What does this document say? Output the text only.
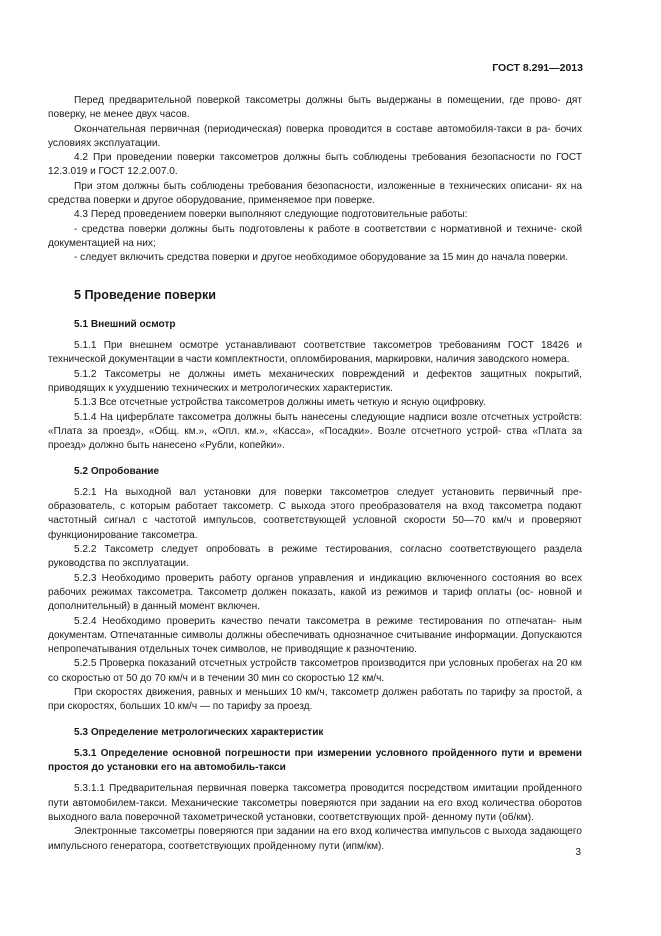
ГОСТ 8.291—2013

Перед предварительной поверкой таксометры должны быть выдержаны в помещении, где прово- дят поверку, не менее двух часов.

Окончательная первичная (периодическая) поверка проводится в составе автомобиля-такси в ра- бочих условиях эксплуатации.

4.2 При проведении поверки таксометров должны быть соблюдены требования безопасности по ГОСТ 12.3.019 и ГОСТ 12.2.007.0.

При этом должны быть соблюдены требования безопасности, изложенные в технических описани- ях на средства поверки и другое оборудование, применяемое при поверке.

4.3 Перед проведением поверки выполняют следующие подготовительные работы:

- средства поверки должны быть подготовлены к работе в соответствии с нормативной и техниче- ской документацией на них;

- следует включить средства поверки и другое необходимое оборудование за 15 мин до начала поверки.

5 Проведение поверки
5.1 Внешний осмотр

5.1.1 При внешнем осмотре устанавливают соответствие таксометров требованиям ГОСТ 18426 и технической документации в части комплектности, опломбирования, маркировки, наличия заводского номера.

5.1.2 Таксометры не должны иметь механических повреждений и дефектов защитных покрытий, приводящих к ухудшению технических и метрологических характеристик.

5.1.3 Все отсчетные устройства таксометров должны иметь четкую и ясную оцифровку.

5.1.4 На циферблате таксометра должны быть нанесены следующие надписи возле отсчетных устройств: «Плата за проезд», «Общ. км.», «Опл. км.», «Касса», «Посадки». Возле отсчетного устрой- ства «Плата за проезд» должно быть нанесено «Рубли, копейки».

5.2 Опробование

5.2.1 На выходной вал установки для поверки таксометров следует установить первичный пре- образователь, с которым работает таксометр. С выхода этого преобразователя на вход таксометра подают частотный сигнал с частотой импульсов, соответствующей условной скорости 50—70 км/ч и проверяют функционирование таксометра.

5.2.2 Таксометр следует опробовать в режиме тестирования, согласно соответствующего раздела руководства по эксплуатации.

5.2.3 Необходимо проверить работу органов управления и индикацию включенного состояния во всех рабочих режимах таксометра. Таксометр должен показать, какой из режимов и тариф оплаты (ос- новной и дополнительный) в данный момент включен.

5.2.4 Необходимо проверить качество печати таксометра в режиме тестирования по отпечатан- ным документам. Отпечатанные символы должны обеспечивать однозначное считывание информации. Допускаются непропечатывания отдельных точек символов, не приводящие к разночтению.

5.2.5 Проверка показаний отсчетных устройств таксометров производится при условных пробегах на 20 км со скоростью от 50 до 70 км/ч и в течении 30 мин со скоростью 12 км/ч.

При скоростях движения, равных и меньших 10 км/ч, таксометр должен работать по тарифу за простой, а при скоростях, больших 10 км/ч — по тарифу за проезд.

5.3 Определение метрологических характеристик
5.3.1 Определение основной погрешности при измерении условного пройденного пути и времени простоя до установки его на автомобиль-такси

5.3.1.1 Предварительная первичная поверка таксометра проводится посредством имитации пройденного пути автомобилем-такси. Механические таксометры поверяются при задании на его вход количества оборотов выходного вала поверочной тахометрической установки, соответствующих прой- денному пути (об/км).

Электронные таксометры поверяются при задании на его вход количества импульсов с выхода задающего импульсного генератора, соответствующих пройденному пути (ипм/км).

3
